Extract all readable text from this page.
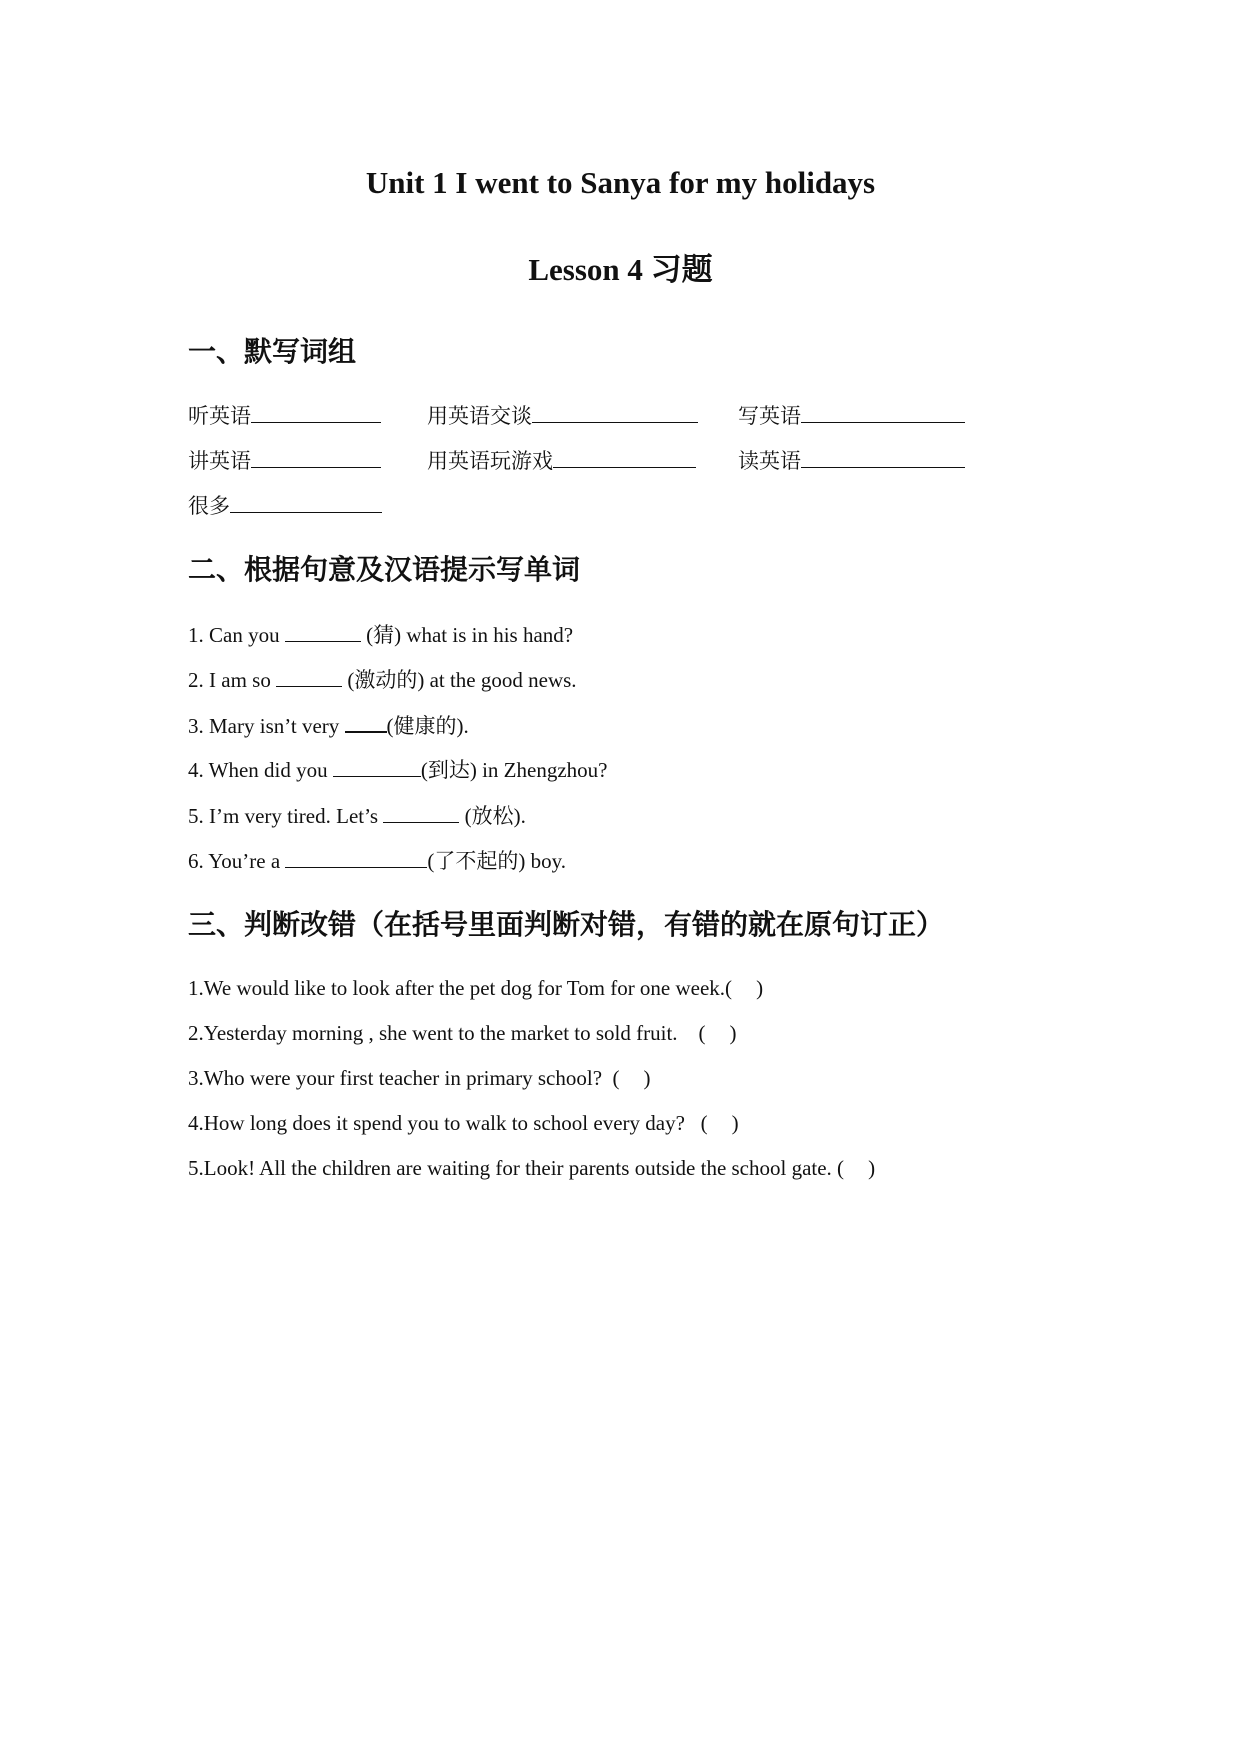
Unit 1 I went to Sanya for my holidays
Lesson 4 习题
一、默写词组
听英语	用英语交谈	写英语
讲英语	用英语玩游戏	读英语
很多
二、根据句意及汉语提示写单词
1. Can you	(猜) what is in his hand?
2. I am so	(激动的) at the good news.
3. Mary isn’t very (健康的).
4. When did you	(到达) in Zhengzhou?
5. I’m very tired. Let’s	(放松).
6. You’re a	(了不起的) boy.
三、判断改错（在括号里面判断对错，有错的就在原句订正）
1.We would like to look after the pet dog for Tom for one week.( )
2.Yesterday morning , she went to the market to sold fruit.    ( )
3.Who were your first teacher in primary school?  ( )
4.How long does it spend you to walk to school every day?   ( )
5.Look! All the children are waiting for their parents outside the school gate. ( )
